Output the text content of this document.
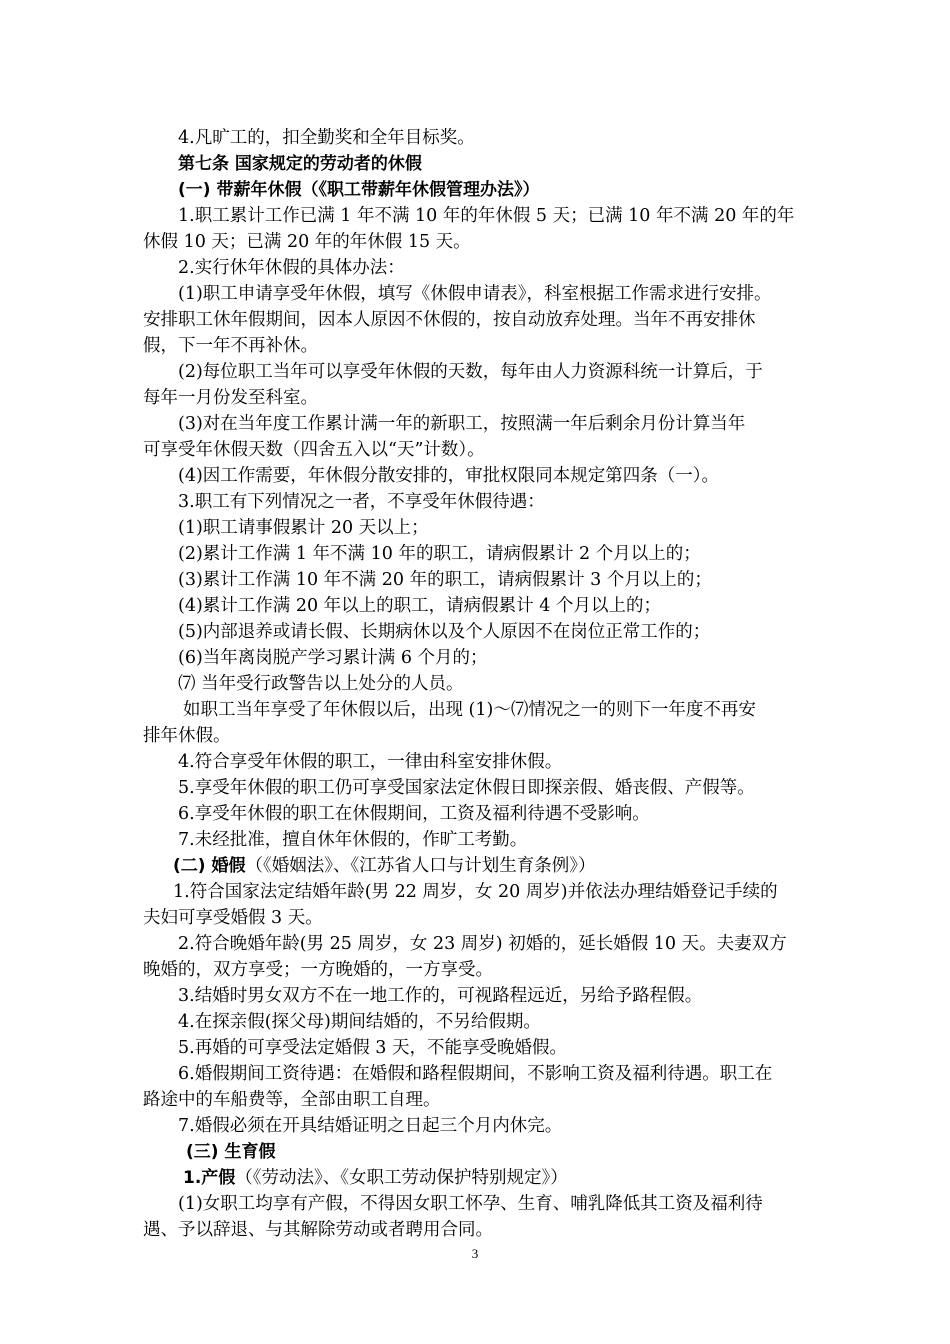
4.凡旷工的，扣全勤奖和全年目标奖。
第七条 国家规定的劳动者的休假
(一) 带薪年休假（《职工带薪年休假管理办法》）
1.职工累计工作已满 1 年不满 10 年的年休假 5 天；已满 10 年不满 20 年的年
休假 10 天；已满 20 年的年休假 15 天。
2.实行休年休假的具体办法：
(1)职工申请享受年休假，填写《休假申请表》，科室根据工作需求进行安排。
安排职工休年假期间，因本人原因不休假的，按自动放弃处理。当年不再安排休
假，下一年不再补休。
(2)每位职工当年可以享受年休假的天数，每年由人力资源科统一计算后，于
每年一月份发至科室。
(3)对在当年度工作累计满一年的新职工，按照满一年后剩余月份计算当年
可享受年休假天数（四舍五入以“天”计数）。
(4)因工作需要，年休假分散安排的，审批权限同本规定第四条（一）。
3.职工有下列情况之一者，不享受年休假待遇：
(1)职工请事假累计 20 天以上；
(2)累计工作满 1 年不满 10 年的职工，请病假累计 2 个月以上的；
(3)累计工作满 10 年不满 20 年的职工，请病假累计 3 个月以上的；
(4)累计工作满 20 年以上的职工，请病假累计 4 个月以上的；
(5)内部退养或请长假、长期病休以及个人原因不在岗位正常工作的；
(6)当年离岗脱产学习累计满 6 个月的；
⑺ 当年受行政警告以上处分的人员。
如职工当年享受了年休假以后，出现 (1)～⑺情况之一的则下一年度不再安
排年休假。
4.符合享受年休假的职工，一律由科室安排休假。
5.享受年休假的职工仍可享受国家法定休假日即探亲假、婚丧假、产假等。
6.享受年休假的职工在休假期间，工资及福利待遇不受影响。
7.未经批准，擅自休年休假的，作旷工考勤。
(二) 婚假（《婚姻法》、《江苏省人口与计划生育条例》）
1.符合国家法定结婚年龄(男 22 周岁，女 20 周岁)并依法办理结婚登记手续的
夫妇可享受婚假 3 天。
2.符合晚婚年龄(男 25 周岁，女 23 周岁) 初婚的，延长婚假 10 天。夫妻双方
晚婚的，双方享受；一方晚婚的，一方享受。
3.结婚时男女双方不在一地工作的，可视路程远近，另给予路程假。
4.在探亲假(探父母)期间结婚的，不另给假期。
5.再婚的可享受法定婚假 3 天，不能享受晚婚假。
6.婚假期间工资待遇：在婚假和路程假期间，不影响工资及福利待遇。职工在
路途中的车船费等，全部由职工自理。
7.婚假必须在开具结婚证明之日起三个月内休完。
(三) 生育假
1.产假（《劳动法》、《女职工劳动保护特别规定》）
(1)女职工均享有产假，不得因女职工怀孕、生育、哺乳降低其工资及福利待
遇、予以辞退、与其解除劳动或者聘用合同。
3
